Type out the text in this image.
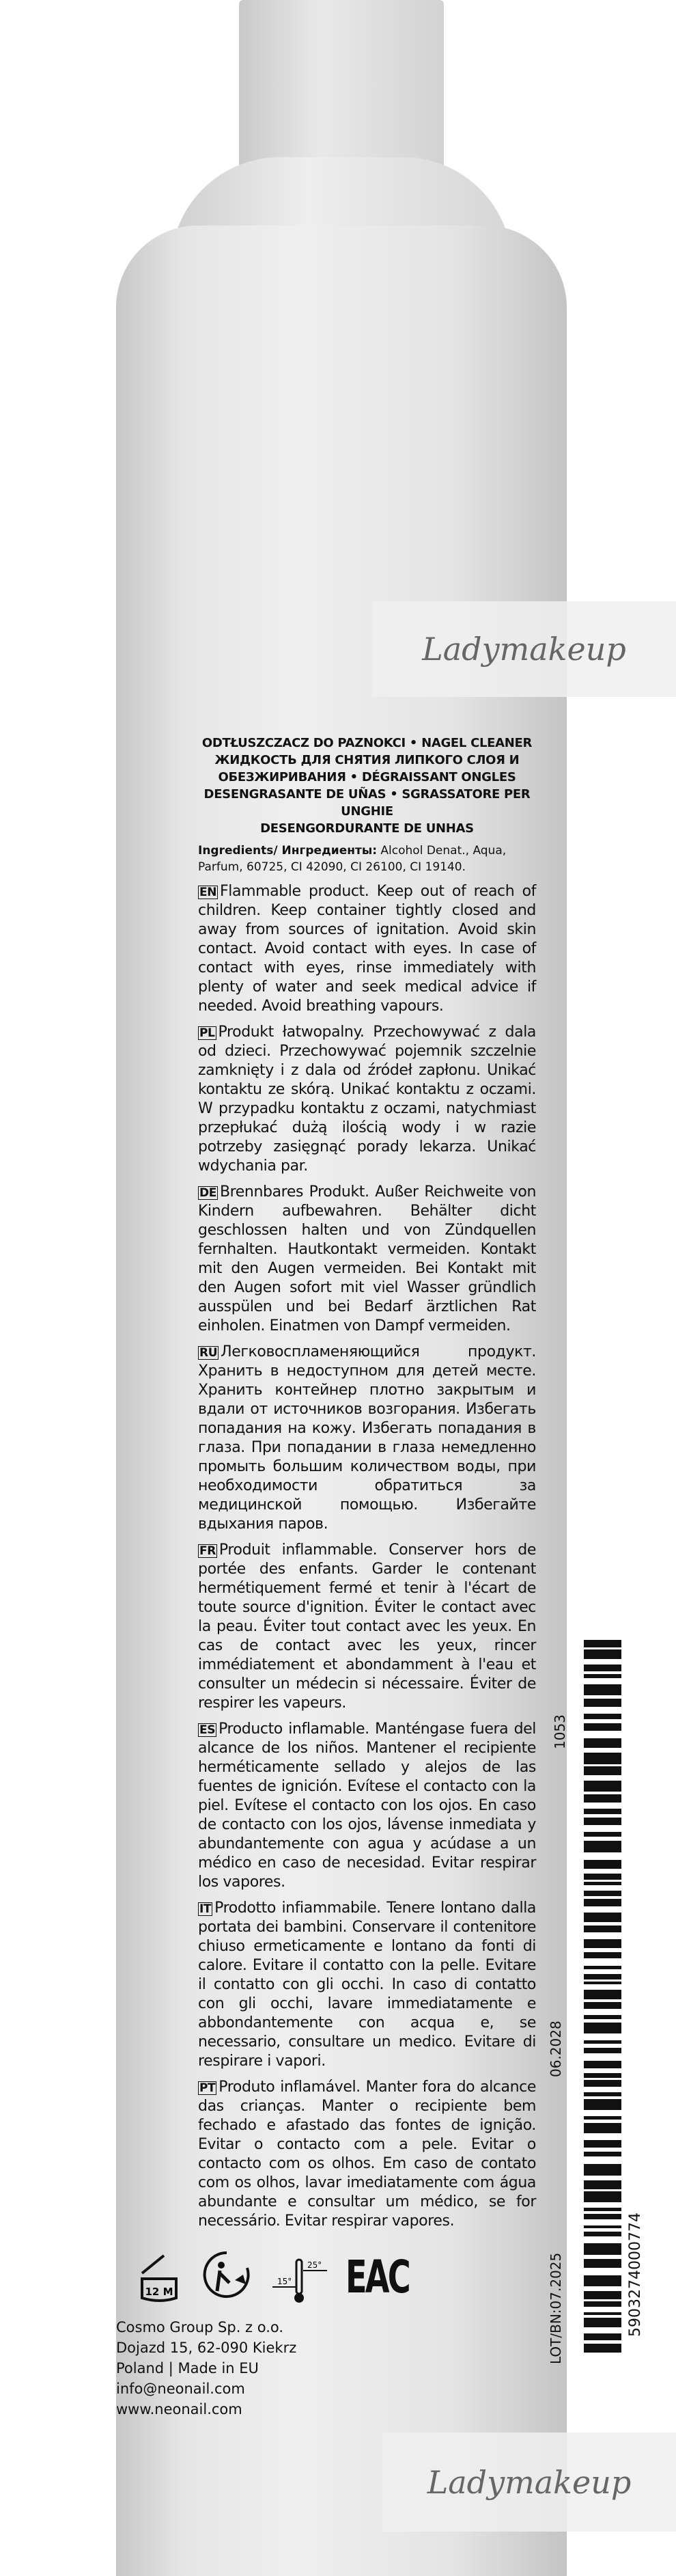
Ladymakeup
ODTŁUSZCZACZ DO PAZNOKCI • NAGEL CLEANER
ЖИДКОСТЬ ДЛЯ СНЯТИЯ ЛИПКОГО СЛОЯ И
ОБЕЗЖИРИВАНИЯ • DÉGRAISSANT ONGLES
DESENGRASANTE DE UÑAS • SGRASSATORE PER UNGHIE
DESENGORDURANTE DE UNHAS
Ingredients/ Ингредиенты: Alcohol Denat., Aqua, Parfum, 60725, CI 42090, CI 26100, CI 19140.
EN Flammable product. Keep out of reach of children. Keep container tightly closed and away from sources of ignitation. Avoid skin contact. Avoid contact with eyes. In case of contact with eyes, rinse immediately with plenty of water and seek medical advice if needed. Avoid breathing vapours.
PL Produkt łatwopalny. Przechowywać z dala od dzieci. Przechowywać pojemnik szczelnie zamknięty i z dala od źródeł zapłonu. Unikać kontaktu ze skórą. Unikać kontaktu z oczami. W przypadku kontaktu z oczami, natychmiast przepłukać dużą ilością wody i w razie potrzeby zasięgnąć porady lekarza. Unikać wdychania par.
DE Brennbares Produkt. Außer Reichweite von Kindern aufbewahren. Behälter dicht geschlossen halten und von Zündquellen fernhalten. Hautkontakt vermeiden. Kontakt mit den Augen vermeiden. Bei Kontakt mit den Augen sofort mit viel Wasser gründlich ausspülen und bei Bedarf ärztlichen Rat einholen. Einatmen von Dampf vermeiden.
RU Легковоспламеняющийся продукт. Хранить в недоступном для детей месте. Хранить контейнер плотно закрытым и вдали от источников возгорания. Избегать попадания на кожу. Избегать попадания в глаза. При попадании в глаза немедленно промыть большим количеством воды, при необходимости обратиться за медицинской помощью. Избегайте вдыхания паров.
FR Produit inflammable. Conserver hors de portée des enfants. Garder le contenant hermétiquement fermé et tenir à l'écart de toute source d'ignition. Éviter le contact avec la peau. Éviter tout contact avec les yeux. En cas de contact avec les yeux, rincer immédiatement et abondamment à l'eau et consulter un médecin si nécessaire. Éviter de respirer les vapeurs.
ES Producto inflamable. Manténgase fuera del alcance de los niños. Mantener el recipiente herméticamente sellado y alejos de las fuentes de ignición. Evítese el contacto con la piel. Evítese el contacto con los ojos. En caso de contacto con los ojos, lávense inmediata y abundantemente con agua y acúdase a un médico en caso de necesidad. Evitar respirar los vapores.
IT Prodotto infiammabile. Tenere lontano dalla portata dei bambini. Conservare il contenitore chiuso ermeticamente e lontano da fonti di calore. Evitare il contatto con la pelle. Evitare il contatto con gli occhi. In caso di contatto con gli occhi, lavare immediatamente e abbondantemente con acqua e, se necessario, consultare un medico. Evitare di respirare i vapori.
PT Produto inflamável. Manter fora do alcance das crianças. Manter o recipiente bem fechado e afastado das fontes de ignição. Evitar o contacto com a pele. Evitar o contacto com os olhos. Em caso de contato com os olhos, lavar imediatamente com água abundante e consultar um médico, se for necessário. Evitar respirar vapores.
12 M
15°
25° EAC
Cosmo Group Sp. z o.o.
Dojazd 15, 62-090 Kiekrz
Poland | Made in EU
info@neonail.com
www.neonail.com
LOT/BN:07.2025
06.2028
1053
5903274000774
Ladymakeup
